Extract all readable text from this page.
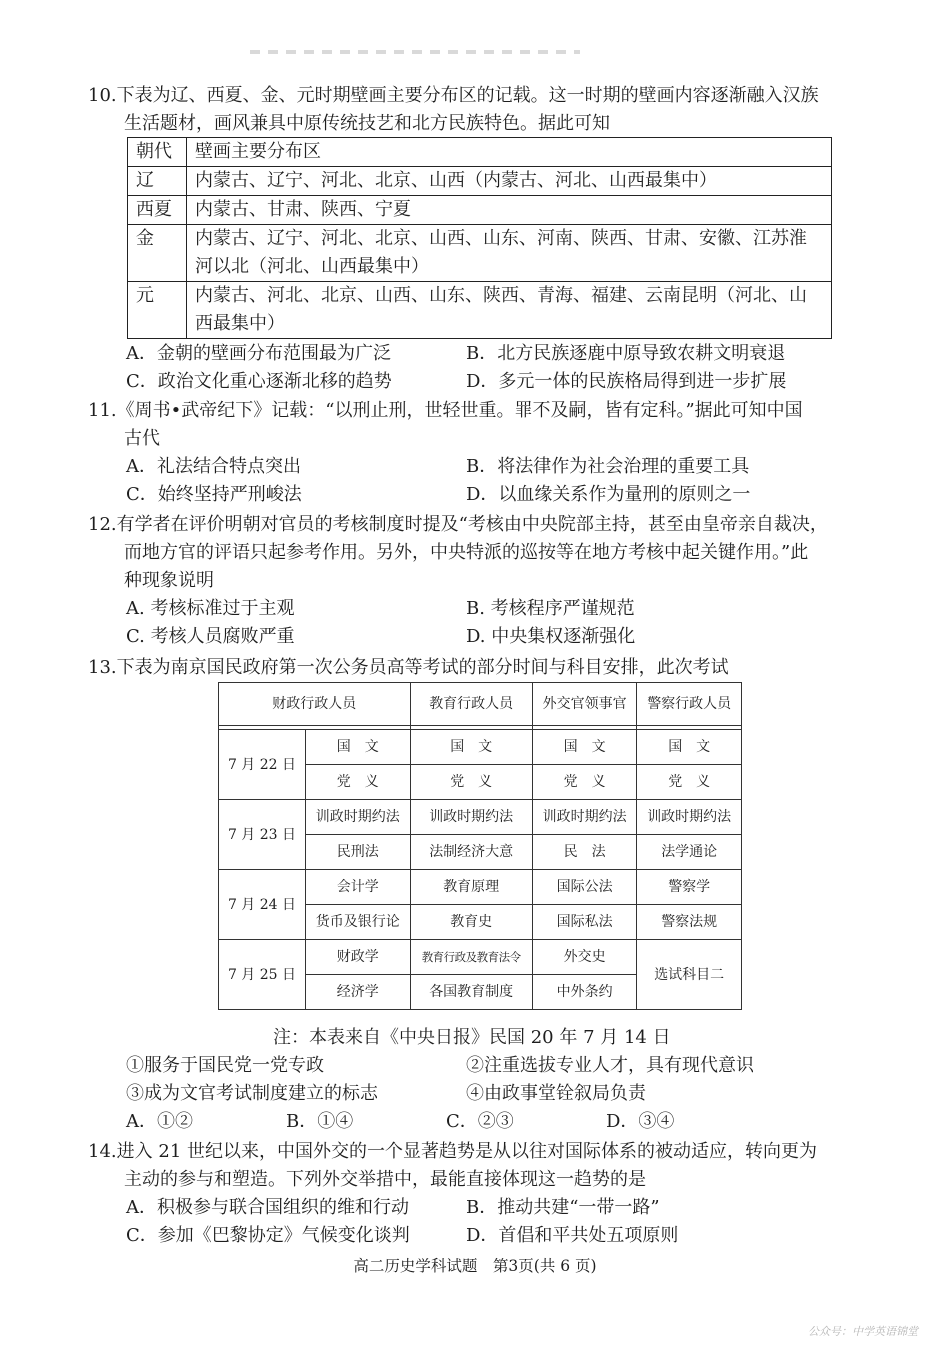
10.下表为辽、西夏、金、元时期壁画主要分布区的记载。这一时期的壁画内容逐渐融入汉族

生活题材，画风兼具中原传统技艺和北方民族特色。据此可知

朝代	壁画主要分布区
辽	内蒙古、辽宁、河北、北京、山西（内蒙古、河北、山西最集中）
西夏	内蒙古、甘肃、陕西、宁夏
金	内蒙古、辽宁、河北、北京、山西、山东、河南、陕西、甘肃、安徽、江苏淮河以北（河北、山西最集中）
元	内蒙古、河北、北京、山西、山东、陕西、青海、福建、云南昆明（河北、山西最集中）
A．金朝的壁画分布范围最为广泛	B．北方民族逐鹿中原导致农耕文明衰退
C．政治文化重心逐渐北移的趋势	D．多元一体的民族格局得到进一步扩展

11.《周书•武帝纪下》记载：“以刑止刑，世轻世重。罪不及嗣，皆有定科。”据此可知中国

古代

A．礼法结合特点突出	B．将法律作为社会治理的重要工具
C．始终坚持严刑峻法	D．以血缘关系作为量刑的原则之一

12.有学者在评价明朝对官员的考核制度时提及“考核由中央院部主持，甚至由皇帝亲自裁决，

而地方官的评语只起参考作用。另外，中央特派的巡按等在地方考核中起关键作用。”此

种现象说明

A. 考核标准过于主观	B. 考核程序严谨规范
C. 考核人员腐败严重	D. 中央集权逐渐强化

13.下表为南京国民政府第一次公务员高等考试的部分时间与科目安排，此次考试

财政行政人员		教育行政人员	外交官领事官	警察行政人员

7 月 22 日	国　文	国　文	国　文	国　文
	党　义	党　义	党　义	党　义
7 月 23 日	训政时期约法	训政时期约法	训政时期约法	训政时期约法
	民刑法	法制经济大意	民　法	法学通论
7 月 24 日	会计学	教育原理	国际公法	警察学
	货币及银行论	教育史	国际私法	警察法规
7 月 25 日	财政学	教育行政及教育法令	外交史	选试科目二
	经济学	各国教育制度	中外条约	
注：本表来自《中央日报》民国 20 年 7 月 14 日
①服务于国民党一党专政	②注重选拔专业人才，具有现代意识
③成为文官考试制度建立的标志	④由政事堂铨叙局负责
A．①②	B．①④	C．②③	D．③④

14.进入 21 世纪以来，中国外交的一个显著趋势是从以往对国际体系的被动适应，转向更为

主动的参与和塑造。下列外交举措中，最能直接体现这一趋势的是

A．积极参与联合国组织的维和行动	B．推动共建“一带一路”
C．参加《巴黎协定》气候变化谈判	D．首倡和平共处五项原则
高二历史学科试题　第3页(共 6 页)
公众号：中学英语锦堂
